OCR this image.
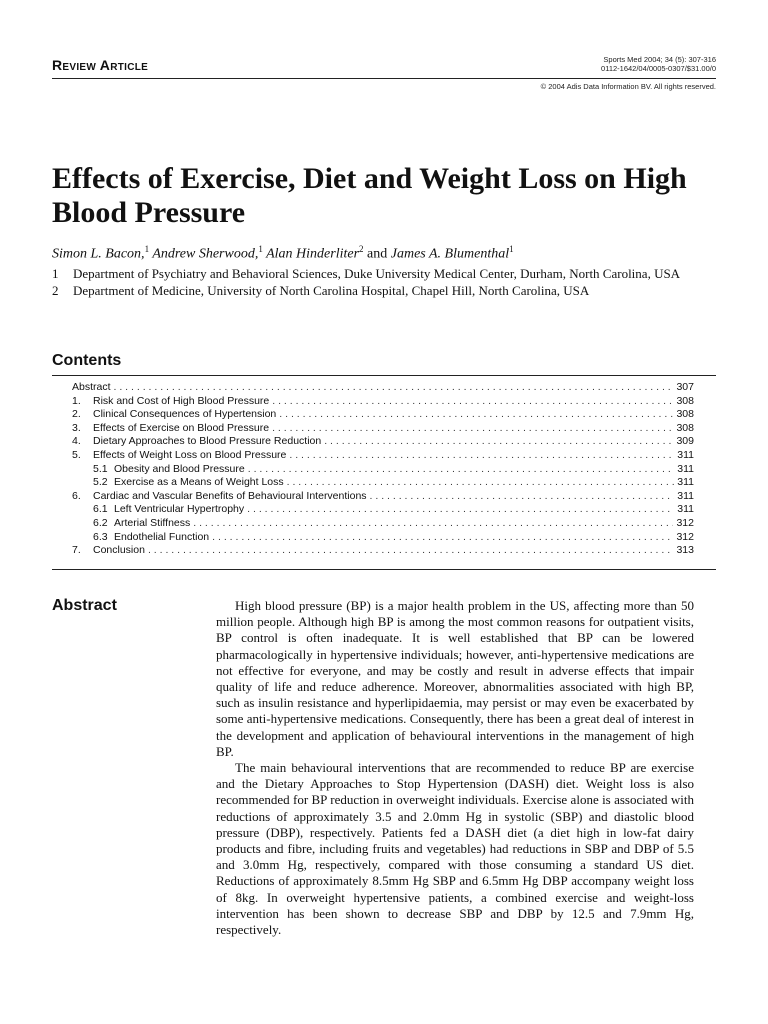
Review Article	Sports Med 2004; 34 (5): 307-316
0112-1642/04/0005-0307/$31.00/0
© 2004 Adis Data Information BV. All rights reserved.
Effects of Exercise, Diet and Weight Loss on High Blood Pressure
Simon L. Bacon,$^1$ Andrew Sherwood,$^1$ Alan Hinderliter$^2$ and James A. Blumenthal$^1$
1	Department of Psychiatry and Behavioral Sciences, Duke University Medical Center, Durham, North Carolina, USA
2	Department of Medicine, University of North Carolina Hospital, Chapel Hill, North Carolina, USA
Contents
Abstract . . .	307
1.	Risk and Cost of High Blood Pressure . . .	308
2.	Clinical Consequences of Hypertension . . .	308
3.	Effects of Exercise on Blood Pressure . . .	308
4.	Dietary Approaches to Blood Pressure Reduction . . .	309
5.	Effects of Weight Loss on Blood Pressure . . .	311
5.1 Obesity and Blood Pressure . . .	311
5.2 Exercise as a Means of Weight Loss . . .	311
6.	Cardiac and Vascular Benefits of Behavioural Interventions . . .	311
6.1 Left Ventricular Hypertrophy . . .	311
6.2 Arterial Stiffness . . .	312
6.3 Endothelial Function . . .	312
7.	Conclusion . . .	313
Abstract	High blood pressure (BP) is a major health problem in the US, affecting more than 50 million people. Although high BP is among the most common reasons for outpatient visits, BP control is often inadequate. It is well established that BP can be lowered pharmacologically in hypertensive individuals; however, anti-hypertensive medications are not effective for everyone, and may be costly and result in adverse effects that impair quality of life and reduce adherence. Moreover, abnormalities associated with high BP, such as insulin resistance and hyperlipidaemia, may persist or may even be exacerbated by some anti-hypertensive medications. Consequently, there has been a great deal of interest in the development and application of behavioural interventions in the management of high BP.

The main behavioural interventions that are recommended to reduce BP are exercise and the Dietary Approaches to Stop Hypertension (DASH) diet. Weight loss is also recommended for BP reduction in overweight individuals. Exercise alone is associated with reductions of approximately 3.5 and 2.0mm Hg in systolic (SBP) and diastolic blood pressure (DBP), respectively. Patients fed a DASH diet (a diet high in low-fat dairy products and fibre, including fruits and vegetables) had reductions in SBP and DBP of 5.5 and 3.0mm Hg, respectively, compared with those consuming a standard US diet. Reductions of approximately 8.5mm Hg SBP and 6.5mm Hg DBP accompany weight loss of 8kg. In overweight hypertensive patients, a combined exercise and weight-loss intervention has been shown to decrease SBP and DBP by 12.5 and 7.9mm Hg, respectively.
